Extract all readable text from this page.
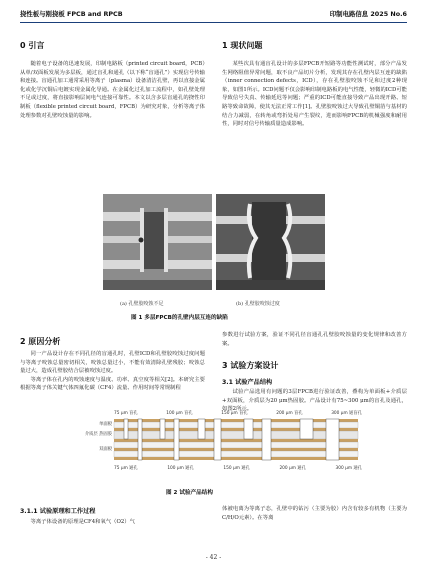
挠性板与刚挠板 FPCB and RPCB	印制电路信息 2025 No.6
0 引言

随着电子设备的迅速发展，印制电路板（printed circuit board，PCB）从单/双面板发展为多层板，通过盲孔和通孔（以下称“盲通孔”）实现信号传输和连接。盲通孔加工通常采用等离子（plasma）设备清洁孔壁，再以直接金属化或化学沉铜后电镀实现金属化导通。在金属化过孔加工流程中，如孔壁处理不足或过度，将直接影响层间电气连接可靠性。本文以含多层盲通孔的挠性印制板（flexible printed circuit board，FPCB）为研究对象，分析等离子体处理参数对孔壁咬蚀量的影响。

1 现状问题

某些次具有通盲孔设计的多层FPCB开短路等功能性测试时，部分产品发生网络阻值异常问题，取不良产品切片分析，发现其存在孔壁内层互连的缺陷（inner connection defects，ICD），存在孔壁胶咬蚀不足和过度2种现象，如图1所示。ICD问题不仅会影响印制电路板的电气性能，轻微的ICD可能导致信号失真、传输延迟等问题；严重的ICD可能直接导致产品出现开路、短路等致命故障，使其无法正常工作[1]。孔壁胶咬蚀过大导致孔壁铜箔与基材的结合力减弱，在转角或弯折处易产生裂纹，进而影响FPCB的机械强度和耐用性，同时对信号传输质量造成影响。

(a) 孔壁胶咬蚀不足	(b) 孔壁胶咬蚀过度
图 1 多层FPCB的孔壁内层互连的缺陷
2 原因分析

同一产品设计存在不同孔径的盲通孔时，孔壁ICD和孔壁胶咬蚀过度问题与等离子咬蚀总量密切相关，咬蚀总量过小，不能有效清除孔壁残胶；咬蚀总量过大，造成孔壁胶结合层被咬蚀过度。

等离子体在孔内的咬蚀速度与温度、功率、真空度等相关[2]。本研究主要根据等离子体关键气体四氟化碳（CF4）流量、作用时间等常规制程

参数进行试验方案，验证不同孔径盲通孔孔壁胶咬蚀量的变化规律和改善方案。

3 试验方案设计
3.1 试验产品结构

试验产品选用有问题的3层FPCB进行验证改善，叠构为单面板+介质层+双面板，介质层为20 μm热固胶。产品设计有75~300 μm的盲孔及通孔，如图2所示。

75 μm 盲孔	100 μm 盲孔	150 μm 盲孔	200 μm 盲孔	300 μm 通盲孔
75 μm 通孔	100 μm 通孔	150 μm 通孔	200 μm 通孔	300 μm 通孔
单面板
介质层 热固胶
双面板
图 2 试验产品结构
3.1.1 试验原理和工作过程

等离子体设备的原理是CF4和氧气（O2）气

体被电离为等离子态，孔壁中的钻污（主要为胶）内含有较多有机物（主要为C/H/O元素）。在等离

- 42 -
